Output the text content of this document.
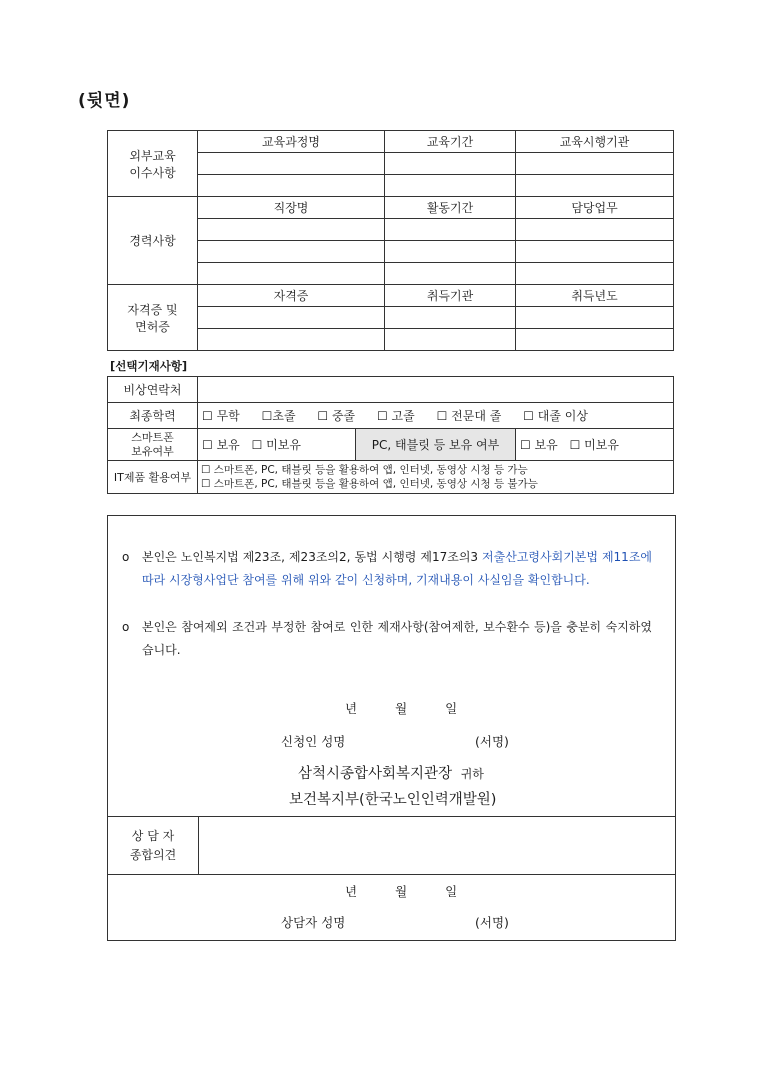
(뒷면)
외부교육
이수사항	교육과정명	교육기간	교육시행기관

경력사항	직장명	활동기간	담당업무

자격증 및
면허증	자격증	취득기관	취득년도

[선택기재사항]
비상연락처			
최종학력	☐ 무학 ☐초졸 ☐ 중졸 ☐ 고졸 ☐ 전문대 졸 ☐ 대졸 이상		

스마트폰
보유여부	☐ 보유 ☐ 미보유	PC, 태블릿 등 보유 여부	☐ 보유 ☐ 미보유
IT제품 활용여부	☐ 스마트폰, PC, 태블릿 등을 활용하여 앱, 인터넷, 동영상 시청 등 가능
☐ 스마트폰, PC, 태블릿 등을 활용하여 앱, 인터넷, 동영상 시청 등 불가능		
o	본인은 노인복지법 제23조, 제23조의2, 동법 시행령 제17조의3 저출산고령사회기본법 제11조에 따라 시장형사업단 참여를 위해 위와 같이 신청하며, 기재내용이 사실임을 확인합니다.
o	본인은 참여제외 조건과 부정한 참여로 인한 제재사항(참여제한, 보수환수 등)을 충분히 숙지하였습니다.
년	월	일
신청인 성명	(서명)
삼척시종합사회복지관장 귀하
보건복지부(한국노인인력개발원)
상 담 자
종합의견
년	월	일
상담자 성명	(서명)
